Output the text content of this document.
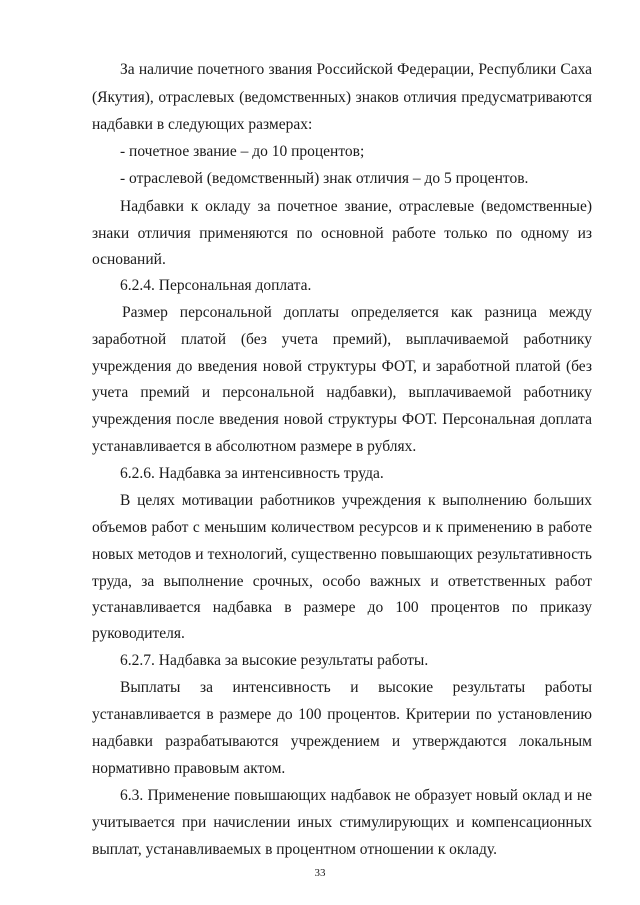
За наличие почетного звания Российской Федерации, Республики Саха
(Якутия), отраслевых (ведомственных) знаков отличия предусматриваются
надбавки в следующих размерах:
- почетное звание – до 10 процентов;
- отраслевой (ведомственный) знак отличия – до 5 процентов.
Надбавки к окладу за почетное звание, отраслевые (ведомственные)
знаки отличия применяются по основной работе только по одному из
оснований.
6.2.4. Персональная доплата.
Размер персональной доплаты определяется как разница между
заработной платой (без учета премий), выплачиваемой работнику
учреждения до введения новой структуры ФОТ, и заработной платой (без
учета премий и персональной надбавки), выплачиваемой работнику
учреждения после введения новой структуры ФОТ. Персональная доплата
устанавливается в абсолютном размере в рублях.
6.2.6. Надбавка за интенсивность труда.
В целях мотивации работников учреждения к выполнению больших
объемов работ с меньшим количеством ресурсов и к применению в работе
новых методов и технологий, существенно повышающих результативность
труда, за выполнение срочных, особо важных и ответственных работ
устанавливается надбавка в размере до 100 процентов по приказу
руководителя.
6.2.7. Надбавка за высокие результаты работы.
Выплаты за интенсивность и высокие результаты работы
устанавливается в размере до 100 процентов. Критерии по установлению
надбавки разрабатываются учреждением и утверждаются локальным
нормативно правовым актом.
6.3. Применение повышающих надбавок не образует новый оклад и не
учитывается при начислении иных стимулирующих и компенсационных
выплат, устанавливаемых в процентном отношении к окладу.
33
